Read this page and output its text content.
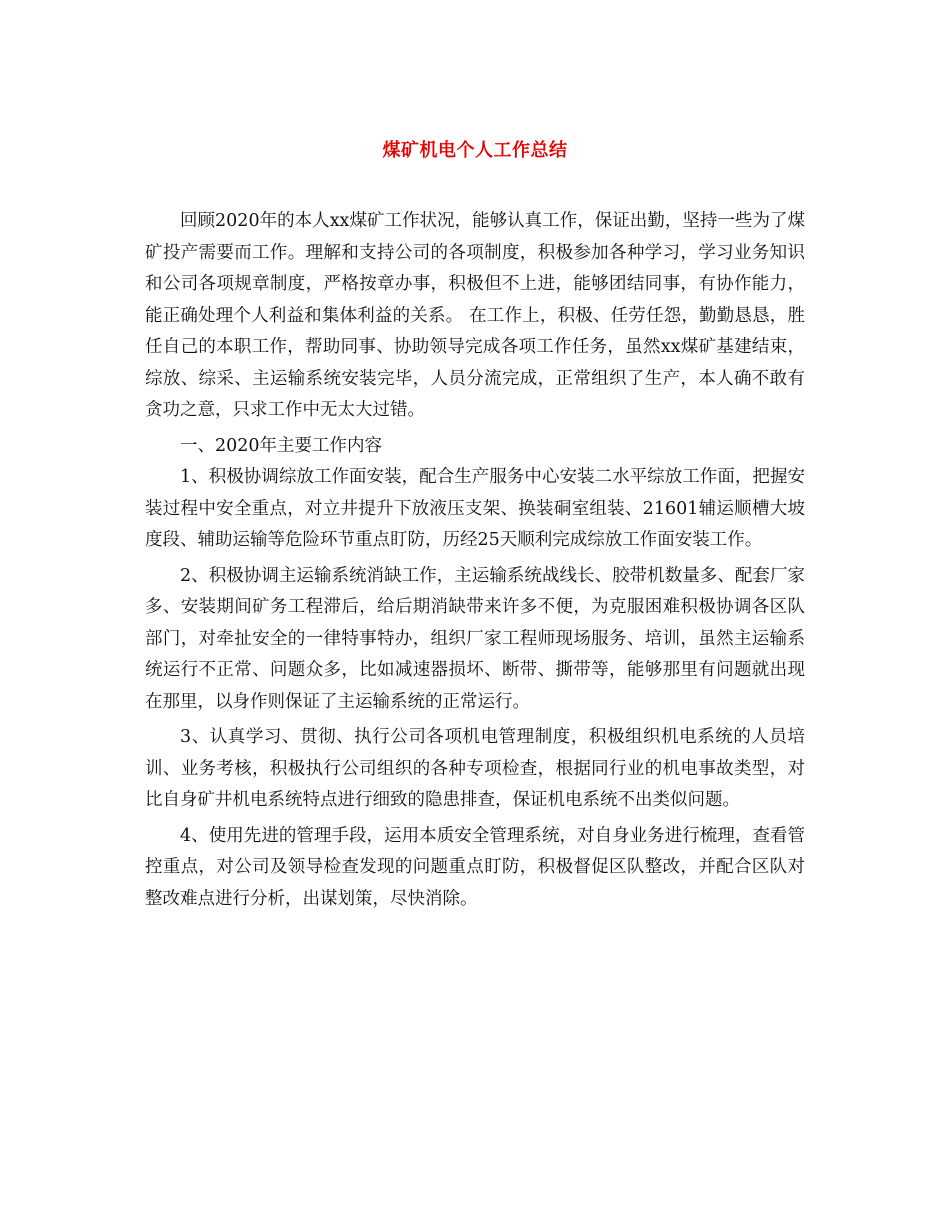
煤矿机电个人工作总结

回顾2020年的本人xx煤矿工作状况，能够认真工作，保证出勤，坚持一些为了煤矿投产需要而工作。理解和支持公司的各项制度，积极参加各种学习，学习业务知识和公司各项规章制度，严格按章办事，积极但不上进，能够团结同事，有协作能力，能正确处理个人利益和集体利益的关系。 在工作上，积极、任劳任怨，勤勤恳恳，胜任自己的本职工作，帮助同事、协助领导完成各项工作任务，虽然xx煤矿基建结束，综放、综采、主运输系统安装完毕，人员分流完成，正常组织了生产，本人确不敢有贪功之意，只求工作中无太大过错。

一、2020年主要工作内容

1、积极协调综放工作面安装，配合生产服务中心安装二水平综放工作面，把握安装过程中安全重点，对立井提升下放液压支架、换装硐室组装、21601辅运顺槽大坡度段、辅助运输等危险环节重点盯防，历经25天顺利完成综放工作面安装工作。

2、积极协调主运输系统消缺工作，主运输系统战线长、胶带机数量多、配套厂家多、安装期间矿务工程滞后，给后期消缺带来许多不便，为克服困难积极协调各区队部门，对牵扯安全的一律特事特办，组织厂家工程师现场服务、培训，虽然主运输系统运行不正常、问题众多，比如减速器损坏、断带、撕带等，能够那里有问题就出现在那里，以身作则保证了主运输系统的正常运行。

3、认真学习、贯彻、执行公司各项机电管理制度，积极组织机电系统的人员培训、业务考核，积极执行公司组织的各种专项检查，根据同行业的机电事故类型，对比自身矿井机电系统特点进行细致的隐患排查，保证机电系统不出类似问题。

4、使用先进的管理手段，运用本质安全管理系统，对自身业务进行梳理，查看管控重点，对公司及领导检查发现的问题重点盯防，积极督促区队整改，并配合区队对整改难点进行分析，出谋划策，尽快消除。
